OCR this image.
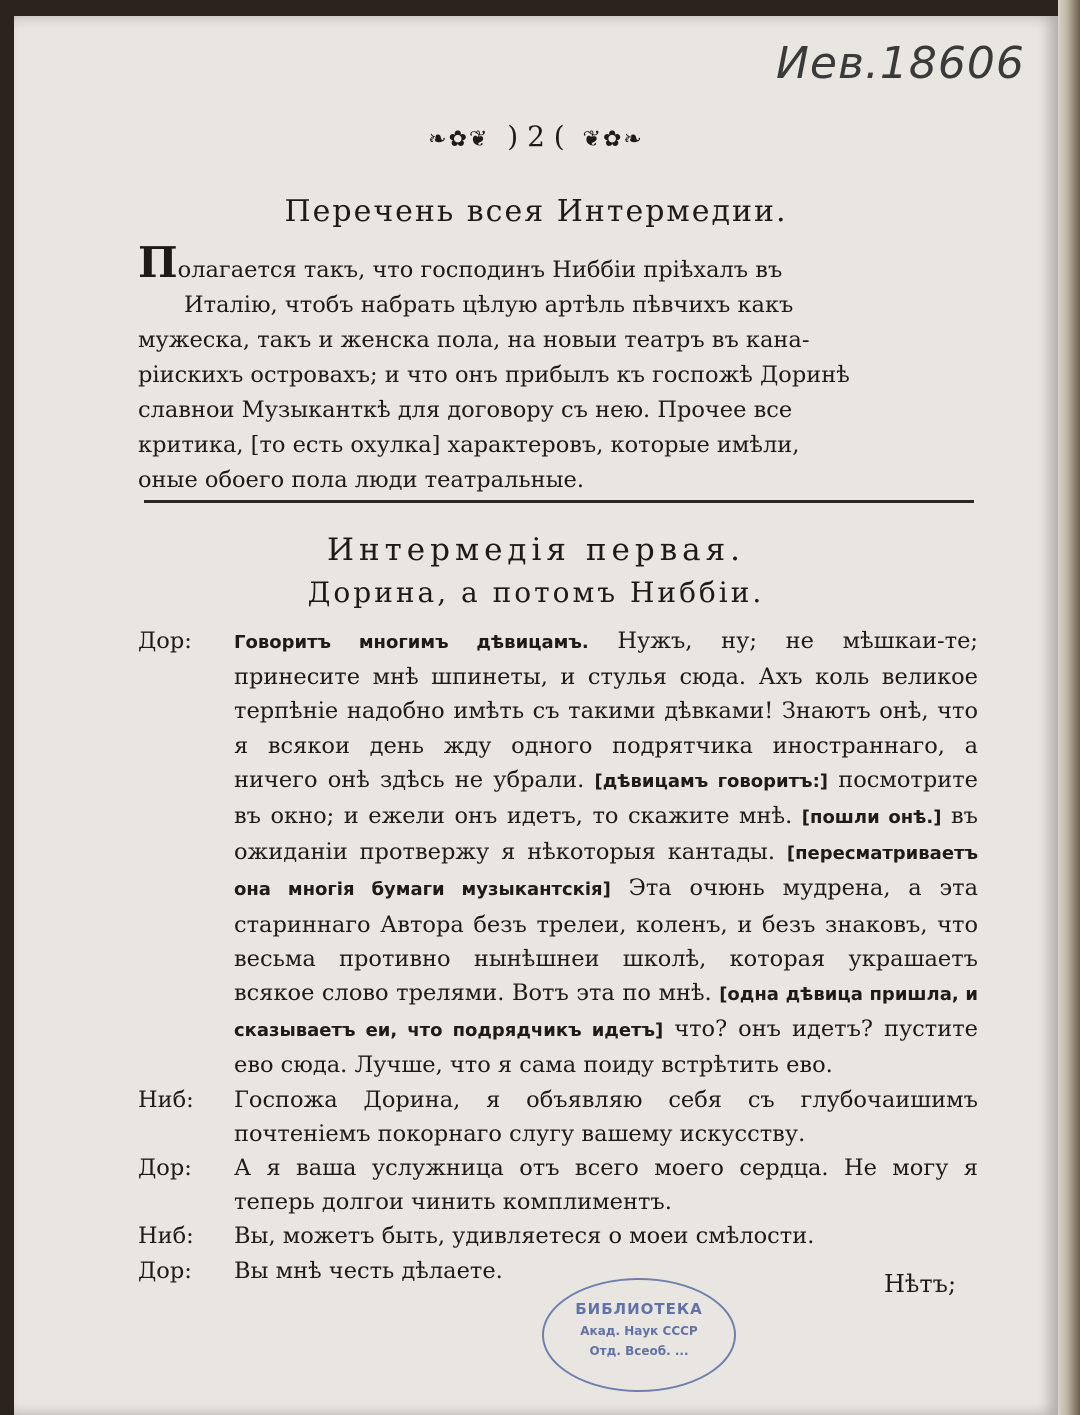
Иев.18606
❧✿❦ ) 2 ( ❦✿❧
Перечень всея Интермедии.
Полагается такъ, что господинъ Ниббіи пріѣхалъ въ
Италію, чтобъ набрать цѣлую артѣль пѣвчихъ какъ
мужеска, такъ и женска пола, на новыи театръ въ кана-
ріискихъ островахъ; и что онъ прибылъ къ госпожѣ Доринѣ
славнои Музыканткѣ для договору съ нею. Прочее все
критика, [то есть охулка] характеровъ, которые имѣли,
оные обоего пола люди театральные.
Интермедія первая.
Дорина, а потомъ Ниббіи.
Дор:	Говоритъ многимъ дѣвицамъ. Нужъ, ну; не мѣшкаи-те; принесите мнѣ шпинеты, и стулья сюда. Ахъ коль великое терпѣніе надобно имѣть съ такими дѣвками! Знаютъ онѣ, что я всякои день жду одного подрятчика иностраннаго, а ничего онѣ здѣсь не убрали. [дѣвицамъ говоритъ:] посмотрите въ окно; и ежели онъ идетъ, то скажите мнѣ. [пошли онѣ.] въ ожиданіи протвержу я нѣкоторыя кантады. [пересматриваетъ она многія бумаги музыкантскія] Эта очюнь мудрена, а эта стариннаго Автора безъ трелеи, коленъ, и безъ знаковъ, что весьма противно нынѣшнеи школѣ, которая украшаетъ всякое слово трелями. Вотъ эта по мнѣ. [одна дѣвица пришла, и сказываетъ еи, что подрядчикъ идетъ] что? онъ идетъ? пустите ево сюда. Лучше, что я сама поиду встрѣтить ево.
Ниб:	Госпожа Дорина, я объявляю себя съ глубочаишимъ почтеніемъ покорнаго слугу вашему искусству.
Дор:	А я ваша услужница отъ всего моего сердца. Не могу я теперь долгои чинить комплиментъ.
Ниб:	Вы, можетъ быть, удивляетеся о моеи смѣлости.
Дор:	Вы мнѣ честь дѣлаете.	Нѣтъ;
БИБЛИОТЕКА
Акад. Наук СССР
Отд. Всеоб. ...
